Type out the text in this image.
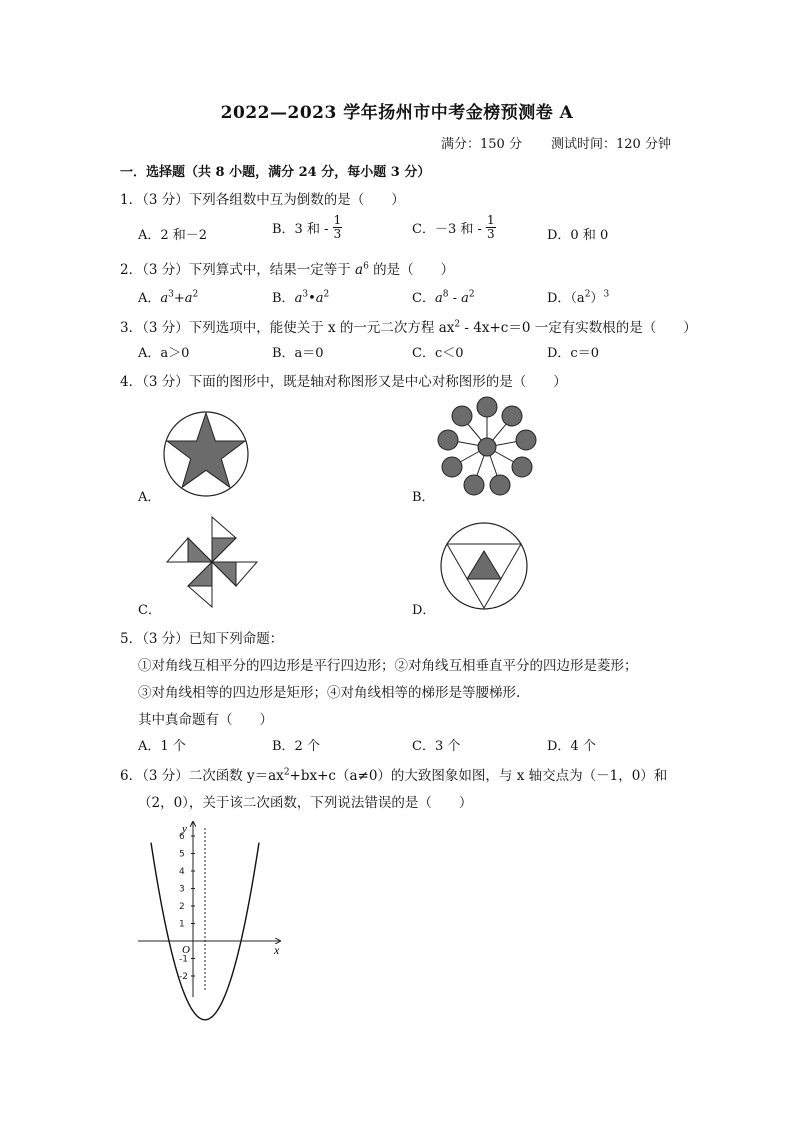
2022—2023 学年扬州市中考金榜预测卷 A
满分：150 分 测试时间：120 分钟
一．选择题（共 8 小题，满分 24 分，每小题 3 分）
1．（3 分）下列各组数中互为倒数的是（　　）
A．2 和－2	B．3 和 - $\frac{1}{3}$	C．－3 和 - $\frac{1}{3}$	D．0 和 0
2．（3 分）下列算式中，结果一定等于 $a^6$ 的是（　　）
A．$a^3+a^2$	B．$a^3•a^2$	C．$a^8 - a^2$	D．$(a^2)^3$
3．（3 分）下列选项中，能使关于 x 的一元二次方程 $ax^2 - 4x+c=0$ 一定有实数根的是（　　）
A．a＞0	B．a＝0	C．c＜0	D．c＝0
4．（3 分）下面的图形中，既是轴对称图形又是中心对称图形的是（　　）
A．	B．
C．	D．
5．（3 分）已知下列命题：
①对角线互相平分的四边形是平行四边形；②对角线互相垂直平分的四边形是菱形；
③对角线相等的四边形是矩形；④对角线相等的梯形是等腰梯形.
其中真命题有（　　）
A．1 个	B．2 个	C．3 个	D．4 个
6．（3 分）二次函数 $y=ax^2+bx+c(a\ne 0)$的大致图象如图，与 x 轴交点为（－1，0）和
（2，0），关于该二次函数，下列说法错误的是（　　）
y
x
O
6
5
4
3
2
1
-1
-2
